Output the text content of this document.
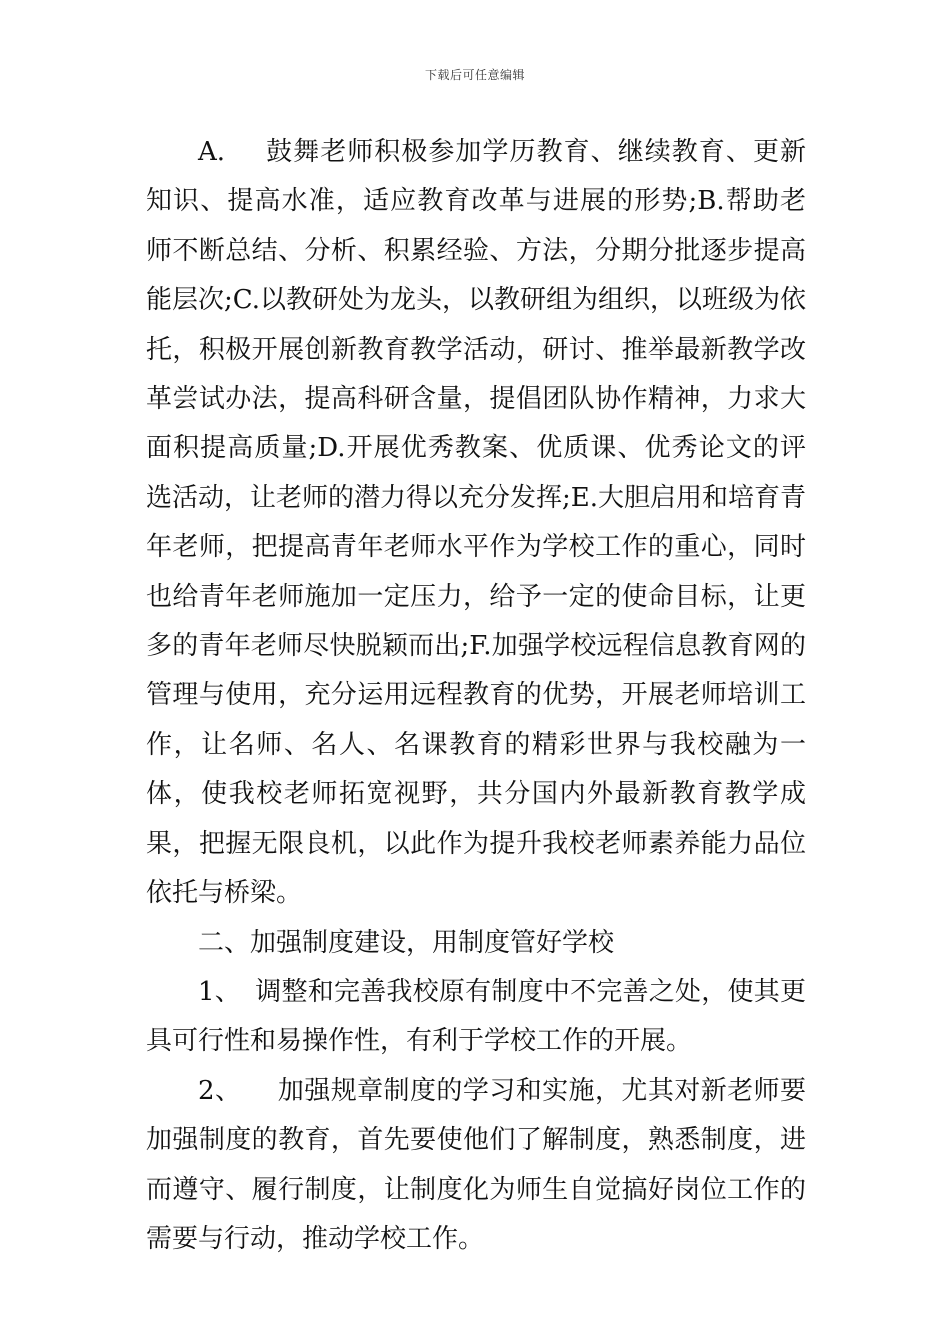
下载后可任意编辑

A. 鼓舞老师积极参加学历教育、继续教育、更新知识、提高水准，适应教育改革与进展的形势;B.帮助老师不断总结、分析、积累经验、方法，分期分批逐步提高能层次;C.以教研处为龙头，以教研组为组织，以班级为依托，积极开展创新教育教学活动，研讨、推举最新教学改革尝试办法，提高科研含量，提倡团队协作精神，力求大面积提高质量;D.开展优秀教案、优质课、优秀论文的评选活动，让老师的潜力得以充分发挥;E.大胆启用和培育青年老师，把提高青年老师水平作为学校工作的重心，同时也给青年老师施加一定压力，给予一定的使命目标，让更多的青年老师尽快脱颖而出;F.加强学校远程信息教育网的管理与使用，充分运用远程教育的优势，开展老师培训工作，让名师、名人、名课教育的精彩世界与我校融为一体，使我校老师拓宽视野，共分国内外最新教育教学成果，把握无限良机，以此作为提升我校老师素养能力品位依托与桥梁。

二、加强制度建设，用制度管好学校

1、 调整和完善我校原有制度中不完善之处，使其更具可行性和易操作性，有利于学校工作的开展。

2、 加强规章制度的学习和实施，尤其对新老师要加强制度的教育，首先要使他们了解制度，熟悉制度，进而遵守、履行制度，让制度化为师生自觉搞好岗位工作的需要与行动，推动学校工作。
